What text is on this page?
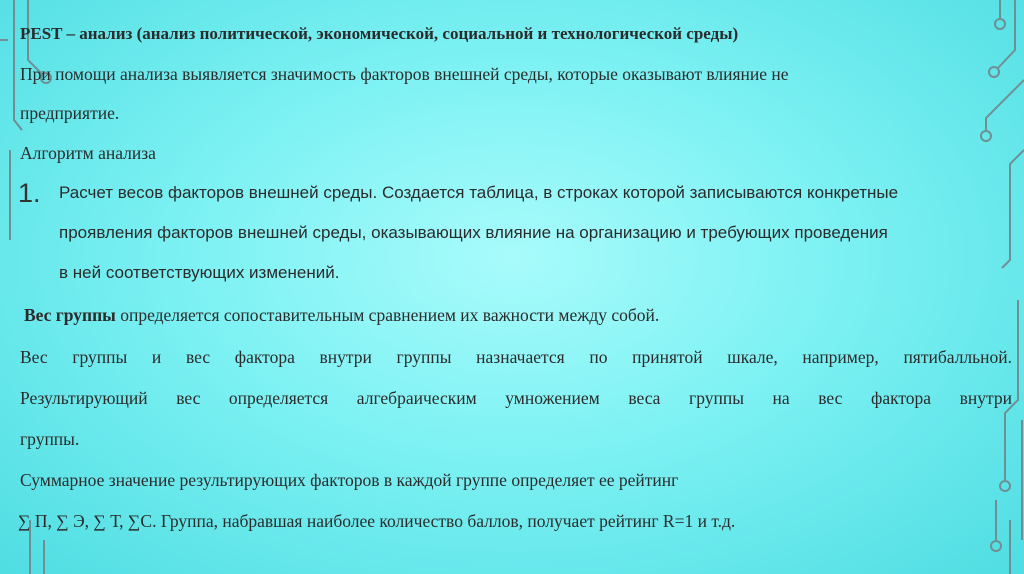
PEST – анализ (анализ политической, экономической, социальной и технологической среды)
При помощи анализа выявляется значимость факторов внешней среды, которые оказывают влияние не
предприятие.
Алгоритм анализа
1. Расчет весов факторов внешней среды. Создается таблица, в строках которой записываются конкретные
проявления факторов внешней среды, оказывающих влияние на организацию и требующих проведения
в ней соответствующих изменений.
Вес группы определяется сопоставительным сравнением их важности между собой.
Вес группы и вес фактора внутри группы назначается по принятой шкале, например, пятибалльной.
Результирующий вес определяется алгебраическим умножением веса группы на вес фактора внутри
группы.
Суммарное значение результирующих факторов в каждой группе определяет ее рейтинг
∑ П, ∑ Э, ∑ Т, ∑С. Группа, набравшая наиболее количество баллов, получает рейтинг R=1 и т.д.
